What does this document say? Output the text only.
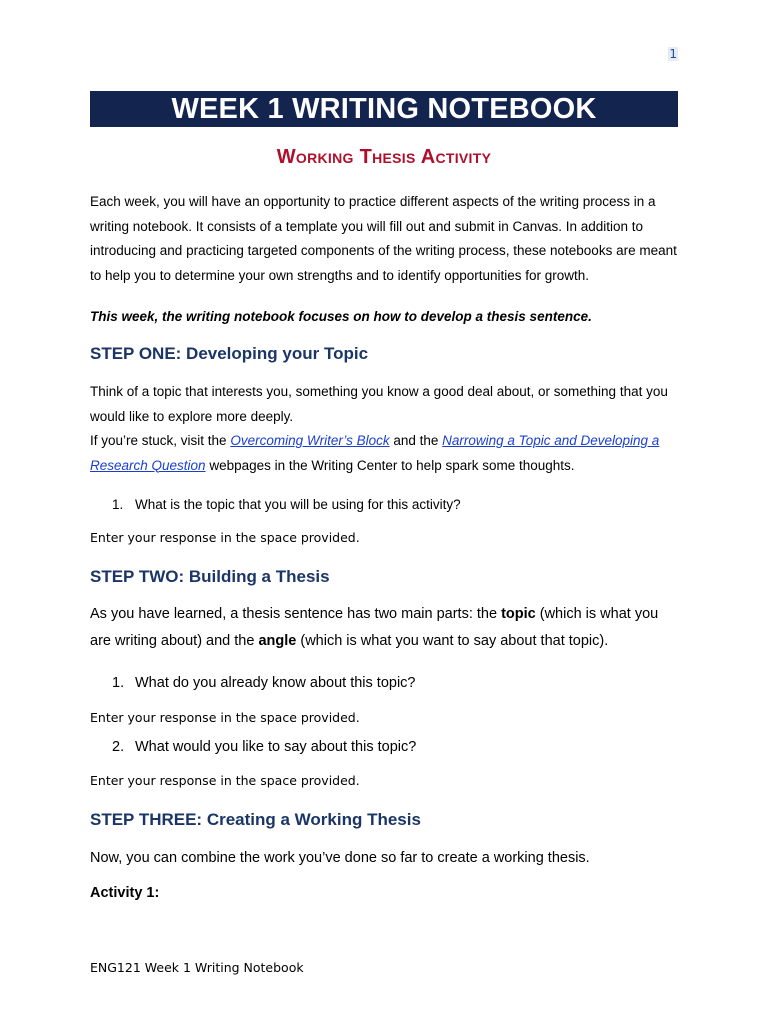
1
WEEK 1 WRITING NOTEBOOK
Working Thesis Activity
Each week, you will have an opportunity to practice different aspects of the writing process in a writing notebook. It consists of a template you will fill out and submit in Canvas. In addition to introducing and practicing targeted components of the writing process, these notebooks are meant to help you to determine your own strengths and to identify opportunities for growth.
This week, the writing notebook focuses on how to develop a thesis sentence.
STEP ONE: Developing your Topic
Think of a topic that interests you, something you know a good deal about, or something that you would like to explore more deeply.
If you’re stuck, visit the Overcoming Writer’s Block and the Narrowing a Topic and Developing a Research Question webpages in the Writing Center to help spark some thoughts.
1. What is the topic that you will be using for this activity?
Enter your response in the space provided.
STEP TWO: Building a Thesis
As you have learned, a thesis sentence has two main parts: the topic (which is what you are writing about) and the angle (which is what you want to say about that topic).
1. What do you already know about this topic?
Enter your response in the space provided.
2. What would you like to say about this topic?
Enter your response in the space provided.
STEP THREE: Creating a Working Thesis
Now, you can combine the work you’ve done so far to create a working thesis.
Activity 1:
ENG121 Week 1 Writing Notebook
